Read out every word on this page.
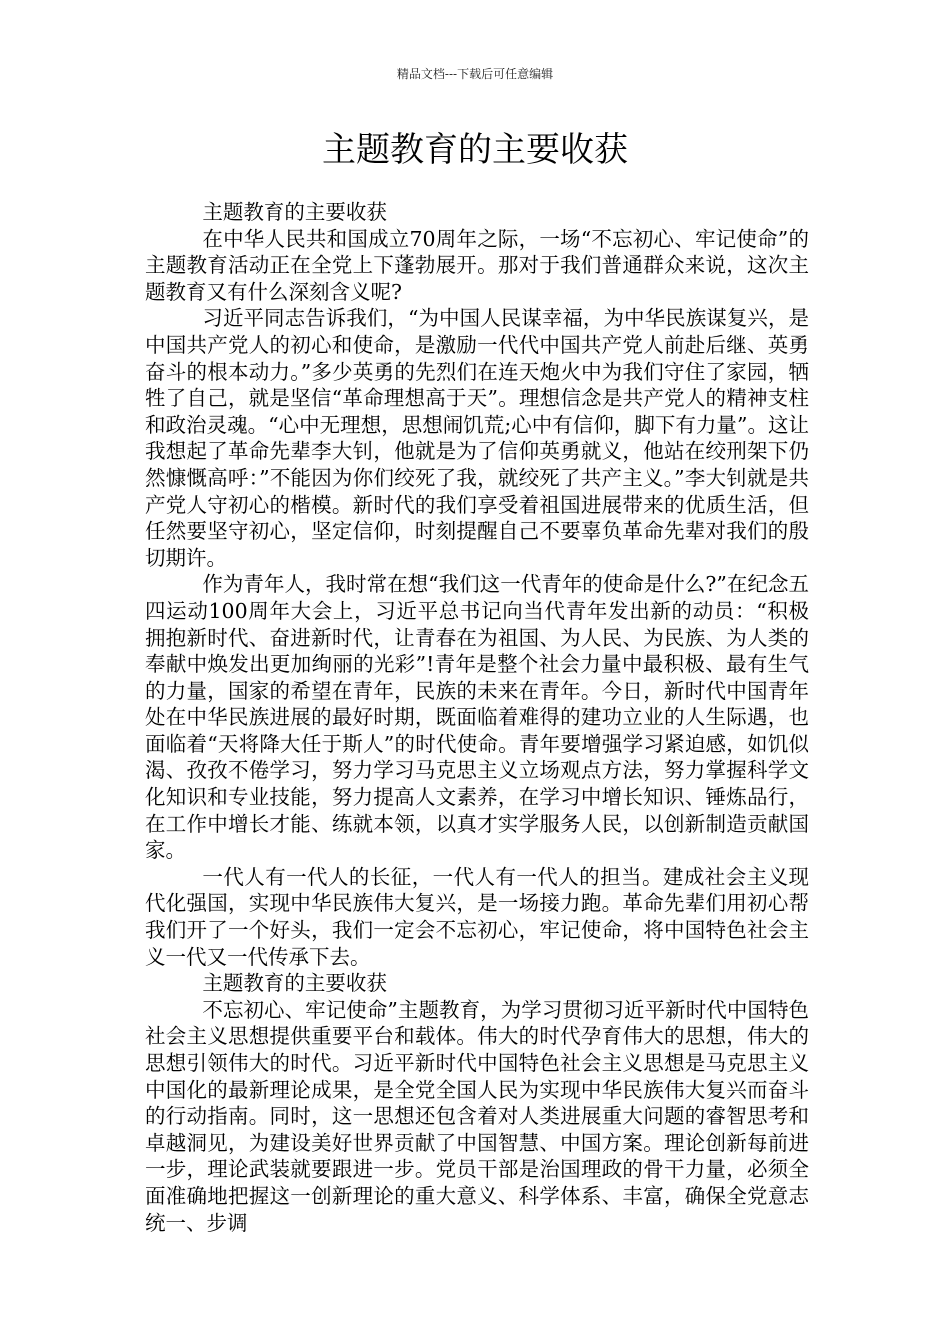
精品文档---下载后可任意编辑
主题教育的主要收获

主题教育的主要收获

在中华人民共和国成立70周年之际，一场“不忘初心、牢记使命”的主题教育活动正在全党上下蓬勃展开。那对于我们普通群众来说，这次主题教育又有什么深刻含义呢?

习近平同志告诉我们，“为中国人民谋幸福，为中华民族谋复兴，是中国共产党人的初心和使命，是激励一代代中国共产党人前赴后继、英勇奋斗的根本动力。”多少英勇的先烈们在连天炮火中为我们守住了家园，牺牲了自己，就是坚信“革命理想高于天”。理想信念是共产党人的精神支柱和政治灵魂。“心中无理想，思想闹饥荒;心中有信仰，脚下有力量”。这让我想起了革命先辈李大钊，他就是为了信仰英勇就义，他站在绞刑架下仍然慷慨高呼：”不能因为你们绞死了我，就绞死了共产主义。”李大钊就是共产党人守初心的楷模。新时代的我们享受着祖国进展带来的优质生活，但任然要坚守初心，坚定信仰，时刻提醒自己不要辜负革命先辈对我们的殷切期许。

作为青年人，我时常在想“我们这一代青年的使命是什么?”在纪念五四运动100周年大会上，习近平总书记向当代青年发出新的动员：“积极拥抱新时代、奋进新时代，让青春在为祖国、为人民、为民族、为人类的奉献中焕发出更加绚丽的光彩”!青年是整个社会力量中最积极、最有生气的力量，国家的希望在青年，民族的未来在青年。今日，新时代中国青年处在中华民族进展的最好时期，既面临着难得的建功立业的人生际遇，也面临着“天将降大任于斯人”的时代使命。青年要增强学习紧迫感，如饥似渴、孜孜不倦学习，努力学习马克思主义立场观点方法，努力掌握科学文化知识和专业技能，努力提高人文素养，在学习中增长知识、锤炼品行，在工作中增长才能、练就本领，以真才实学服务人民，以创新制造贡献国家。

一代人有一代人的长征，一代人有一代人的担当。建成社会主义现代化强国，实现中华民族伟大复兴，是一场接力跑。革命先辈们用初心帮我们开了一个好头，我们一定会不忘初心，牢记使命，将中国特色社会主义一代又一代传承下去。

主题教育的主要收获

不忘初心、牢记使命”主题教育，为学习贯彻习近平新时代中国特色社会主义思想提供重要平台和载体。伟大的时代孕育伟大的思想，伟大的思想引领伟大的时代。习近平新时代中国特色社会主义思想是马克思主义中国化的最新理论成果，是全党全国人民为实现中华民族伟大复兴而奋斗的行动指南。同时，这一思想还包含着对人类进展重大问题的睿智思考和卓越洞见，为建设美好世界贡献了中国智慧、中国方案。理论创新每前进一步，理论武装就要跟进一步。党员干部是治国理政的骨干力量，必须全面准确地把握这一创新理论的重大意义、科学体系、丰富，确保全党意志统一、步调
